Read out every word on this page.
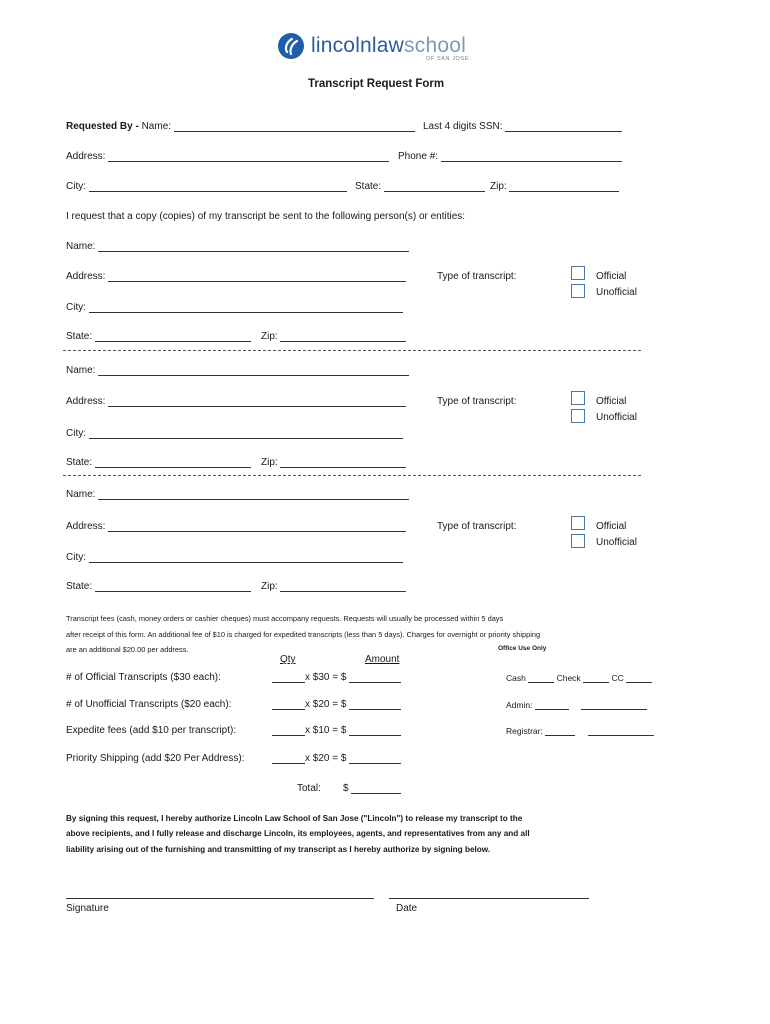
lincolnlawschool
OF SAN JOSE
Transcript Request Form
Requested By - Name:	Last 4 digits SSN:
Address:	Phone #:
City:	State:	Zip:
I request that a copy (copies) of my transcript be sent to the following person(s) or entities:
Name:
Address:	Type of transcript:	Official
Unofficial
City:
State:	Zip:
Name:
Address:	Type of transcript:	Official
Unofficial
City:
State:	Zip:
Name:
Address:	Type of transcript:	Official
Unofficial
City:
State:	Zip:
Transcript fees (cash, money orders or cashier cheques) must accompany requests. Requests will usually be processed within 5 days
after receipt of this form. An additional fee of $10 is charged for expedited transcripts (less than 5 days). Charges for overnight or priority shipping
are an additional $20.00 per address.	Office Use Only
Qty	Amount
# of Official Transcripts ($30 each):	x $30 = $
# of Unofficial Transcripts ($20 each):	x $20 = $
Expedite fees (add $10 per transcript):	x $10 = $
Priority Shipping (add $20 Per Address):	x $20 = $
Total: $
Cash	Check	CC
Admin:
Registrar:
By signing this request, I hereby authorize Lincoln Law School of San Jose ("Lincoln") to release my transcript to the
above recipients, and I fully release and discharge Lincoln, its employees, agents, and representatives from any and all
liability arising out of the furnishing and transmitting of my transcript as I hereby authorize by signing below.
Signature	Date
